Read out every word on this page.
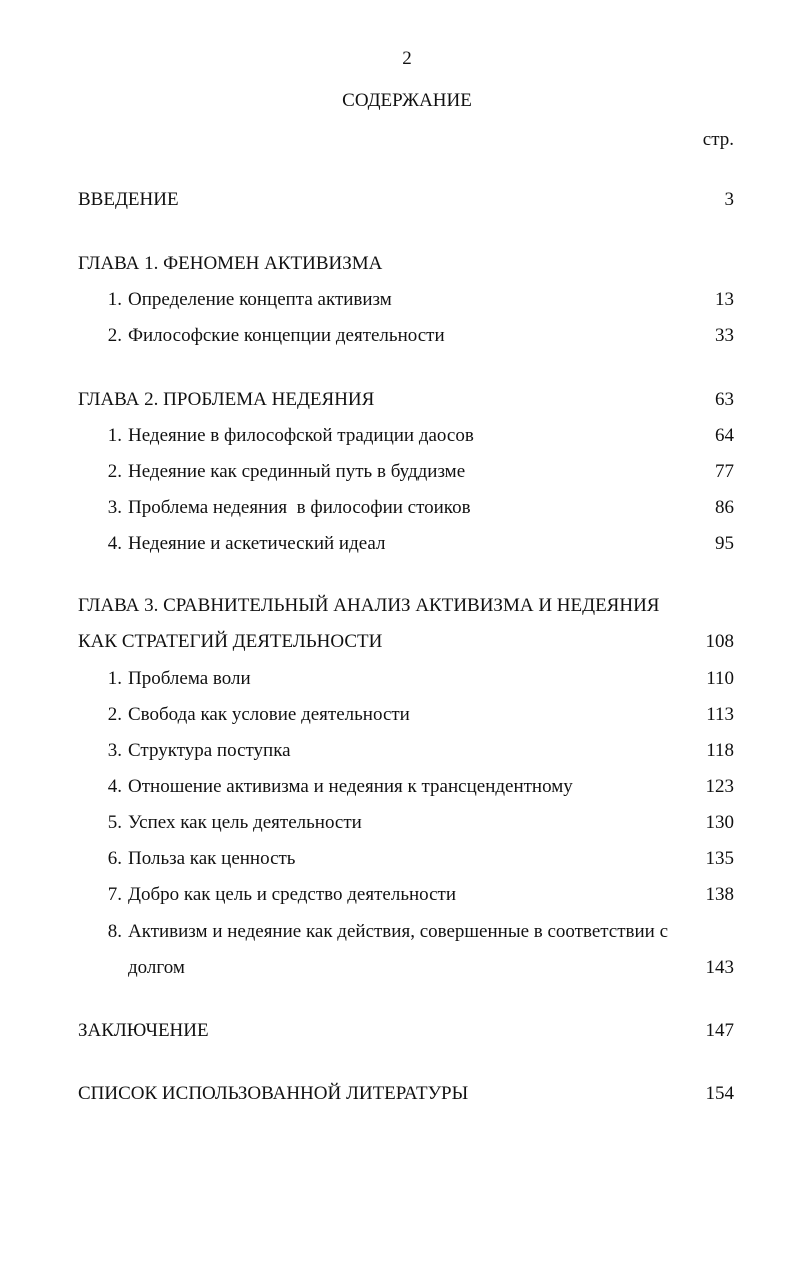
2
СОДЕРЖАНИЕ
стр.
ВВЕДЕНИЕ	3
ГЛАВА 1. ФЕНОМЕН АКТИВИЗМА
1. Определение концепта активизм	13
2. Философские концепции деятельности	33
ГЛАВА 2. ПРОБЛЕМА НЕДЕЯНИЯ	63
1. Недеяние в философской традиции даосов	64
2. Недеяние как срединный путь в буддизме	77
3. Проблема недеяния  в философии стоиков	86
4. Недеяние и аскетический идеал	95
ГЛАВА 3. СРАВНИТЕЛЬНЫЙ АНАЛИЗ АКТИВИЗМА И НЕДЕЯНИЯ
КАК СТРАТЕГИЙ ДЕЯТЕЛЬНОСТИ	108
1. Проблема воли	110
2. Свобода как условие деятельности	113
3. Структура поступка	118
4. Отношение активизма и недеяния к трансцендентному	123
5. Успех как цель деятельности	130
6. Польза как ценность	135
7. Добро как цель и средство деятельности	138
8. Активизм и недеяние как действия, совершенные в соответствии с
долгом	143
ЗАКЛЮЧЕНИЕ	147
СПИСОК ИСПОЛЬЗОВАННОЙ ЛИТЕРАТУРЫ	154
